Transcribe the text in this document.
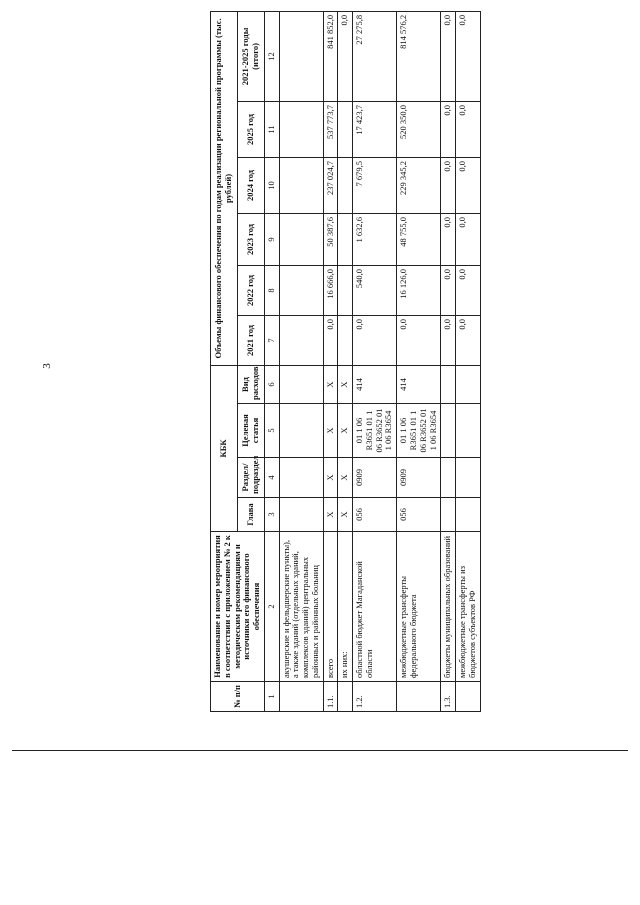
3
№ п/п	Наименование и номер мероприятия в соответствии с приложением № 2 к методическим рекомендациям и источники его финансового обеспечения	КБК				Объемы финансового обеспечения по годам реализации региональной программы (тыс. рублей)					
		Глава	Раздел/ подраздел	Целевая статья	Вид расходов	2021 год	2022 год	2023 год	2024 год	2025 год	2021-2025 годы (итого)
1	2	3	4	5	6	7	8	9	10	11	12
	акушерские и фельдшерские пункты), а также зданий (отдельных зданий, комплексов зданий) центральных районных и районных больниц										
1.1.	всего	Х	Х	Х	Х	0,0	16 666,0	50 387,6	237 024,7	537 773,7	841 852,0
	их них:	Х	Х	Х	Х						0,0
1.2.	областной бюджет Магаданской области	056	0909	01 1 06 R3651 01 1 06 R3652 01 1 06 R3654	414	0,0	540,0	1 632,6	7 679,5	17 423,7	27 275,8
	межбюджетные трансферты федерального бюджета	056	0909	01 1 06 R3651 01 1 06 R3652 01 1 06 R3654	414	0,0	16 126,0	48 755,0	229 345,2	520 350,0	814 576,2
1.3.	бюджеты муниципальных образований					0,0	0,0	0,0	0,0	0,0	0,0
	межбюджетные трансферты из бюджетов субъектов РФ					0,0	0,0	0,0	0,0	0,0	0,0
